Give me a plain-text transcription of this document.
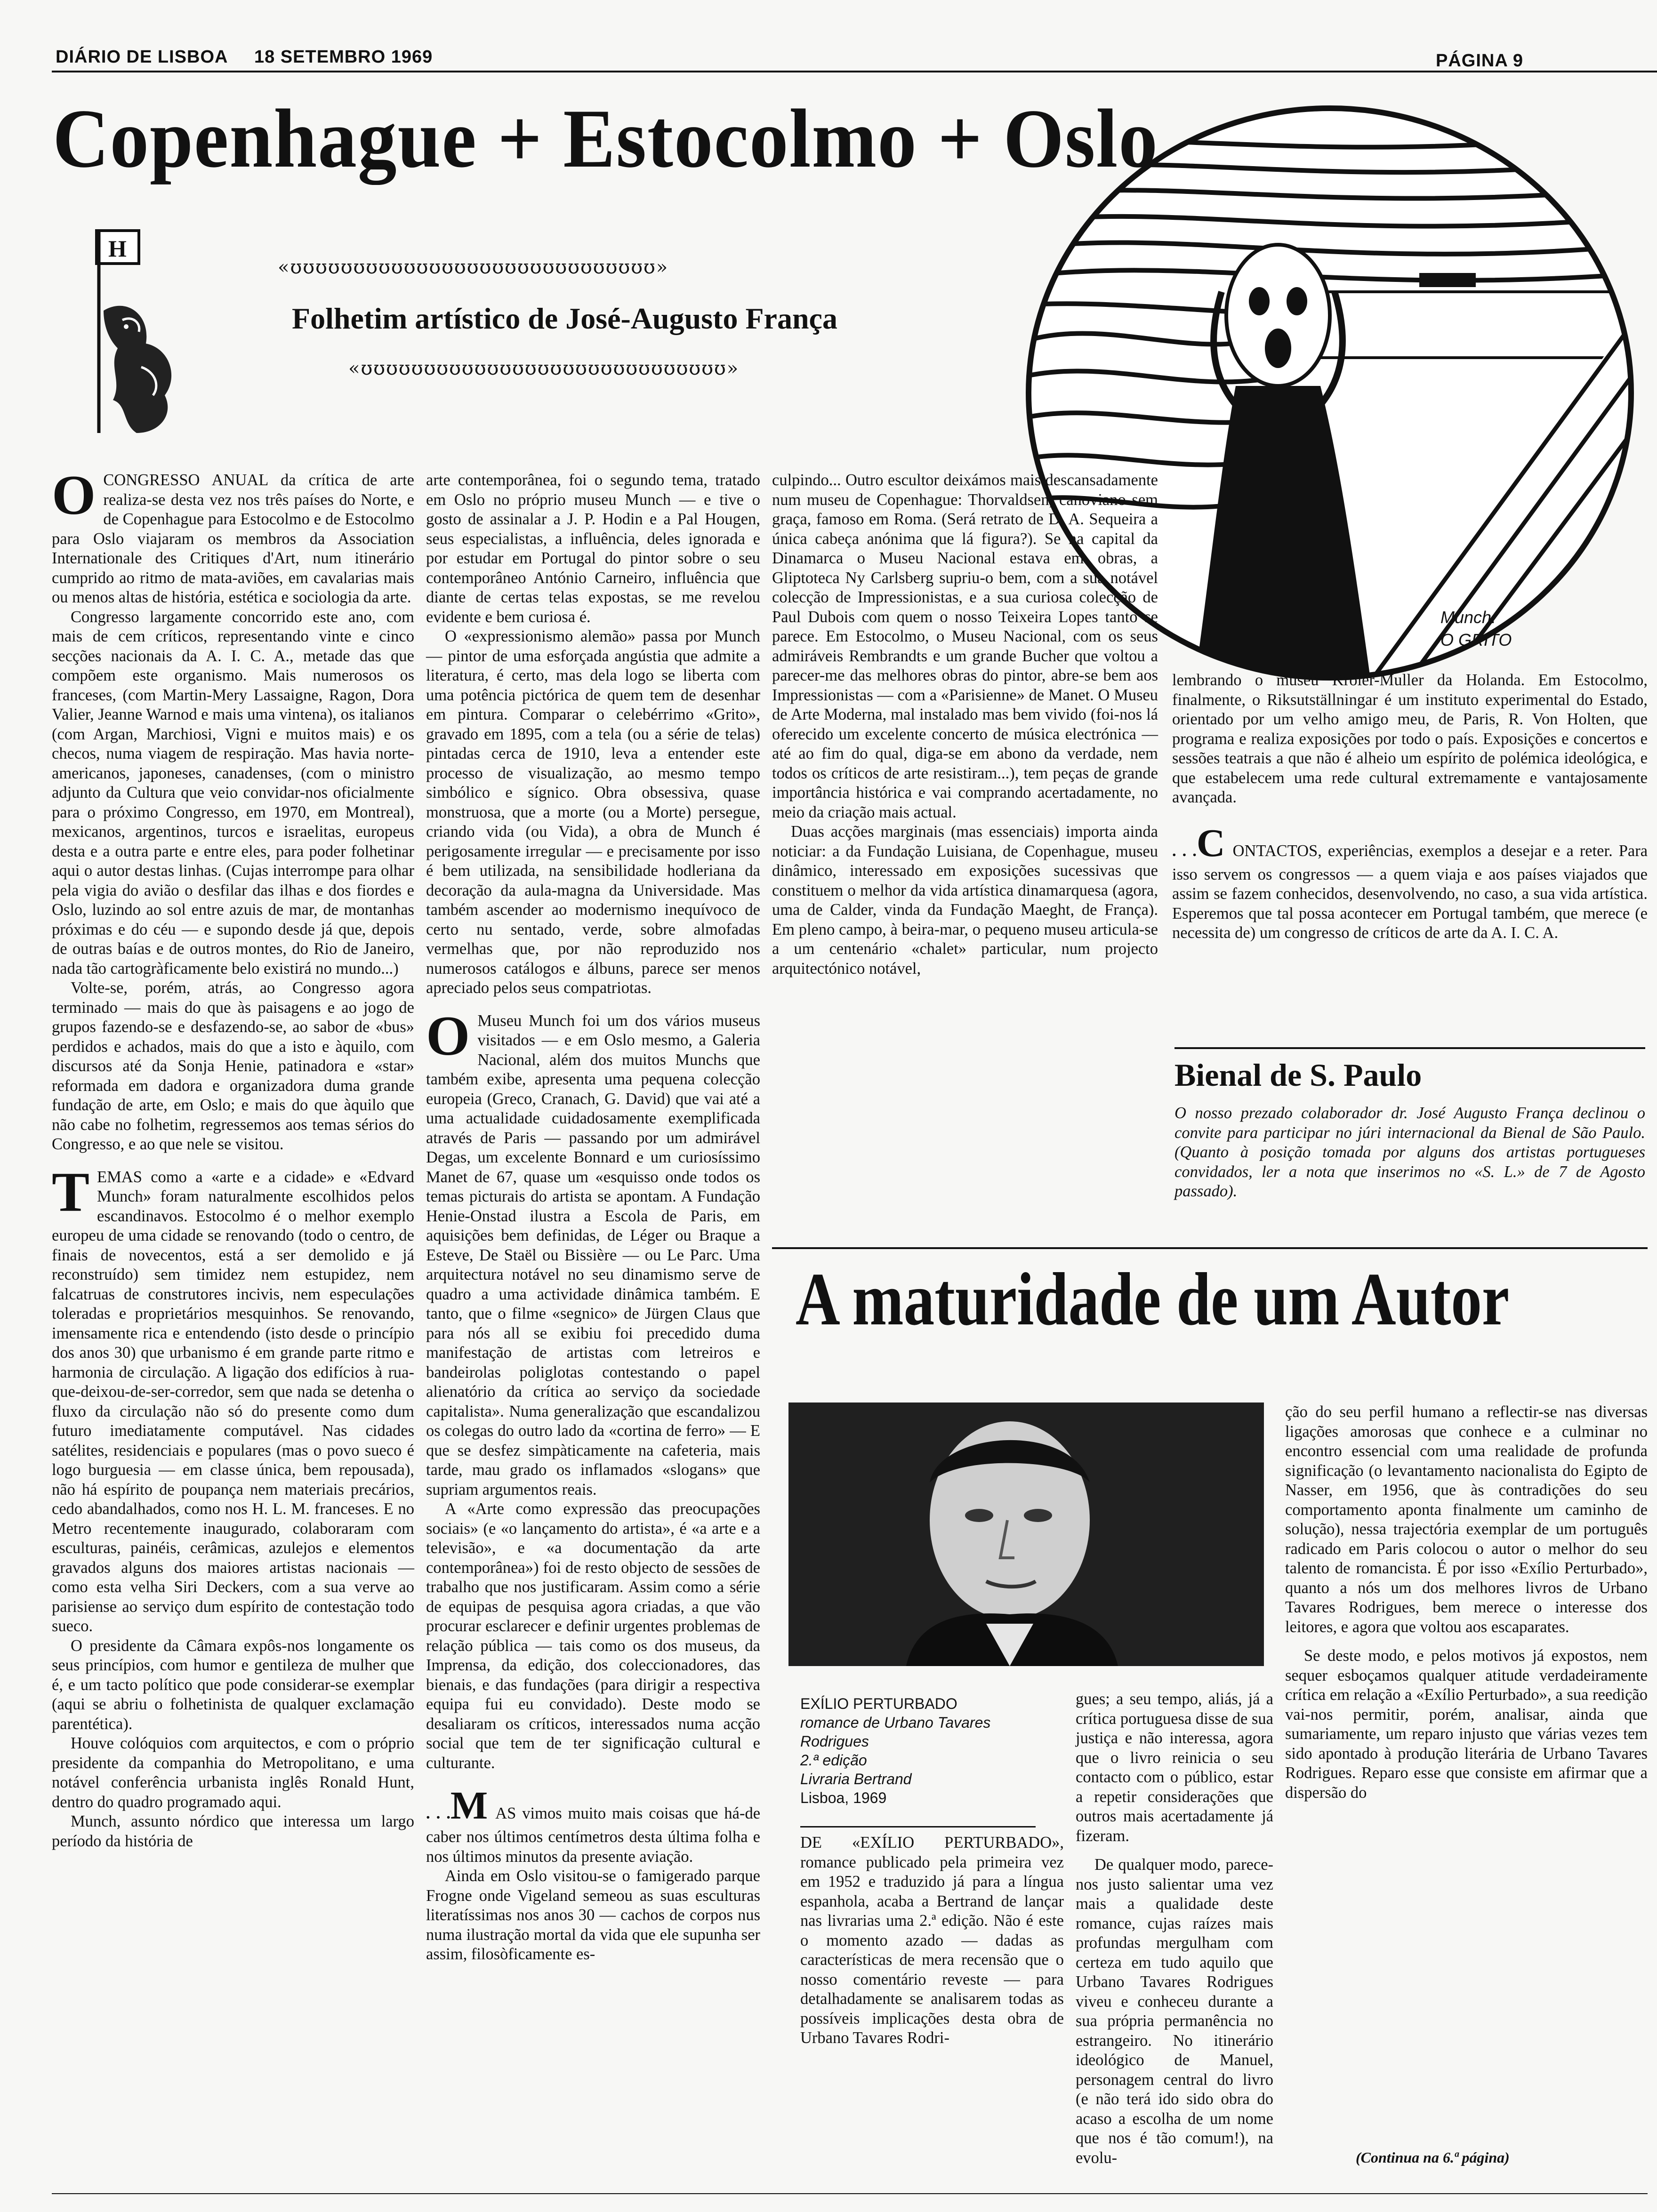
DIÁRIO DE LISBOA 18 SETEMBRO 1969	PÁGINA 9
Copenhague + Estocolmo + Oslo
H
«ʊʊʊʊʊʊʊʊʊʊʊʊʊʊʊʊʊʊʊʊʊʊʊʊʊʊʊʊʊ»
Folhetim artístico de José-Augusto França
«ʊʊʊʊʊʊʊʊʊʊʊʊʊʊʊʊʊʊʊʊʊʊʊʊʊʊʊʊʊ»
Munch:
O GRITO

OCONGRESSO ANUAL da crítica de arte realiza-se desta vez nos três países do Norte, e de Copenhague para Estocolmo e de Estocolmo para Oslo viajaram os membros da Association Internationale des Critiques d'Art, num itinerário cumprido ao ritmo de mata-aviões, em cavalarias mais ou menos altas de história, estética e sociologia da arte.

Congresso largamente concorrido este ano, com mais de cem críticos, representando vinte e cinco secções nacionais da A. I. C. A., metade das que compõem este organismo. Mais numerosos os franceses, (com Martin-Mery Lassaigne, Ragon, Dora Valier, Jeanne Warnod e mais uma vintena), os italianos (com Argan, Marchiosi, Vigni e muitos mais) e os checos, numa viagem de respiração. Mas havia norte-americanos, japoneses, canadenses, (com o ministro adjunto da Cultura que veio convidar-nos oficialmente para o próximo Congresso, em 1970, em Montreal), mexicanos, argentinos, turcos e israelitas, europeus desta e a outra parte e entre eles, para poder folhetinar aqui o autor destas linhas. (Cujas interrompe para olhar pela vigia do avião o desfilar das ilhas e dos fiordes e Oslo, luzindo ao sol entre azuis de mar, de montanhas próximas e do céu — e supondo desde já que, depois de outras baías e de outros montes, do Rio de Janeiro, nada tão cartogràficamente belo existirá no mundo...)

Volte-se, porém, atrás, ao Congresso agora terminado — mais do que às paisagens e ao jogo de grupos fazendo-se e desfazendo-se, ao sabor de «bus» perdidos e achados, mais do que a isto e àquilo, com discursos até da Sonja Henie, patinadora e «star» reformada em dadora e organizadora duma grande fundação de arte, em Oslo; e mais do que àquilo que não cabe no folhetim, regressemos aos temas sérios do Congresso, e ao que nele se visitou.

TEMAS como a «arte e a cidade» e «Edvard Munch» foram naturalmente escolhidos pelos escandinavos. Estocolmo é o melhor exemplo europeu de uma cidade se renovando (todo o centro, de finais de novecentos, está a ser demolido e já reconstruído) sem timidez nem estupidez, nem falcatruas de construtores incivis, nem especulações toleradas e proprietários mesquinhos. Se renovando, imensamente rica e entendendo (isto desde o princípio dos anos 30) que urbanismo é em grande parte ritmo e harmonia de circulação. A ligação dos edifícios à rua-que-deixou-de-ser-corredor, sem que nada se detenha o fluxo da circulação não só do presente como dum futuro imediatamente computável. Nas cidades satélites, residenciais e populares (mas o povo sueco é logo burguesia — em classe única, bem repousada), não há espírito de poupança nem materiais precários, cedo abandalhados, como nos H. L. M. franceses. E no Metro recentemente inaugurado, colaboraram com esculturas, painéis, cerâmicas, azulejos e elementos gravados alguns dos maiores artistas nacionais — como esta velha Siri Deckers, com a sua verve ao parisiense ao serviço dum espírito de contestação todo sueco.

O presidente da Câmara expôs-nos longamente os seus princípios, com humor e gentileza de mulher que é, e um tacto político que pode considerar-se exemplar (aqui se abriu o folhetinista de qualquer exclamação parentética).

Houve colóquios com arquitectos, e com o próprio presidente da companhia do Metropolitano, e uma notável conferência urbanista inglês Ronald Hunt, dentro do quadro programado aqui.

Munch, assunto nórdico que interessa um largo período da história de

arte contemporânea, foi o segundo tema, tratado em Oslo no próprio museu Munch — e tive o gosto de assinalar a J. P. Hodin e a Pal Hougen, seus especialistas, a influência, deles ignorada e por estudar em Portugal do pintor sobre o seu contemporâneo António Carneiro, influência que diante de certas telas expostas, se me revelou evidente e bem curiosa é.

O «expressionismo alemão» passa por Munch — pintor de uma esforçada angústia que admite a literatura, é certo, mas dela logo se liberta com uma potência pictórica de quem tem de desenhar em pintura. Comparar o celebérrimo «Grito», gravado em 1895, com a tela (ou a série de telas) pintadas cerca de 1910, leva a entender este processo de visualização, ao mesmo tempo simbólico e sígnico. Obra obsessiva, quase monstruosa, que a morte (ou a Morte) persegue, criando vida (ou Vida), a obra de Munch é perigosamente irregular — e precisamente por isso é bem utilizada, na sensibilidade hodleriana da decoração da aula-magna da Universidade. Mas também ascender ao modernismo inequívoco de certo nu sentado, verde, sobre almofadas vermelhas que, por não reproduzido nos numerosos catálogos e álbuns, parece ser menos apreciado pelos seus compatriotas.

O Museu Munch foi um dos vários museus visitados — e em Oslo mesmo, a Galeria Nacional, além dos muitos Munchs que também exibe, apresenta uma pequena colecção europeia (Greco, Cranach, G. David) que vai até a uma actualidade cuidadosamente exemplificada através de Paris — passando por um admirável Degas, um excelente Bonnard e um curiosíssimo Manet de 67, quase um «esquisso onde todos os temas picturais do artista se apontam. A Fundação Henie-Onstad ilustra a Escola de Paris, em aquisições bem definidas, de Léger ou Braque a Esteve, De Staël ou Bissière — ou Le Parc. Uma arquitectura notável no seu dinamismo serve de quadro a uma actividade dinâmica também. E tanto, que o filme «segnico» de Jürgen Claus que para nós all se exibiu foi precedido duma manifestação de artistas com letreiros e bandeirolas poliglotas contestando o papel alienatório da crítica ao serviço da sociedade capitalista». Numa generalização que escandalizou os colegas do outro lado da «cortina de ferro» — E que se desfez simpàticamente na cafeteria, mais tarde, mau grado os inflamados «slogans» que supriam argumentos reais.

A «Arte como expressão das preocupações sociais» (e «o lançamento do artista», é «a arte e a televisão», e «a documentação da arte contemporânea») foi de resto objecto de sessões de trabalho que nos justificaram. Assim como a série de equipas de pesquisa agora criadas, a que vão procurar esclarecer e definir urgentes problemas de relação pública — tais como os dos museus, da Imprensa, da edição, dos coleccionadores, das bienais, e das fundações (para dirigir a respectiva equipa fui eu convidado). Deste modo se desaliaram os críticos, interessados numa acção social que tem de ter significação cultural e culturante.

. . .M AS vimos muito mais coisas que há-de caber nos últimos centímetros desta última folha e nos últimos minutos da presente aviação.

Ainda em Oslo visitou-se o famigerado parque Frogne onde Vigeland semeou as suas esculturas literatíssimas nos anos 30 — cachos de corpos nus numa ilustração mortal da vida que ele supunha ser assim, filosòficamente es-

culpindo... Outro escultor deixámos mais descansadamente num museu de Copenhague: Thorvaldsen, canoviano sem graça, famoso em Roma. (Será retrato de D. A. Sequeira a única cabeça anónima que lá figura?). Se na capital da Dinamarca o Museu Nacional estava em obras, a Gliptoteca Ny Carlsberg supriu-o bem, com a sua notável colecção de Impressionistas, e a sua curiosa colecção de Paul Dubois com quem o nosso Teixeira Lopes tanto se parece. Em Estocolmo, o Museu Nacional, com os seus admiráveis Rembrandts e um grande Bucher que voltou a parecer-me das melhores obras do pintor, abre-se bem aos Impressionistas — com a «Parisienne» de Manet. O Museu de Arte Moderna, mal instalado mas bem vivido (foi-nos lá oferecido um excelente concerto de música electrónica — até ao fim do qual, diga-se em abono da verdade, nem todos os críticos de arte resistiram...), tem peças de grande importância histórica e vai comprando acertadamente, no meio da criação mais actual.

Duas acções marginais (mas essenciais) importa ainda noticiar: a da Fundação Luisiana, de Copenhague, museu dinâmico, interessado em exposições sucessivas que constituem o melhor da vida artística dinamarquesa (agora, uma de Calder, vinda da Fundação Maeght, de França). Em pleno campo, à beira-mar, o pequeno museu articula-se a um centenário «chalet» particular, num projecto arquitectónico notável,

lembrando o museu Kröler-Muller da Holanda. Em Estocolmo, finalmente, o Riksutställningar é um instituto experimental do Estado, orientado por um velho amigo meu, de Paris, R. Von Holten, que programa e realiza exposições por todo o país. Exposições e concertos e sessões teatrais a que não é alheio um espírito de polémica ideológica, e que estabelecem uma rede cultural extremamente e vantajosamente avançada.

. . .C ONTACTOS, experiências, exemplos a desejar e a reter. Para isso servem os congressos — a quem viaja e aos países viajados que assim se fazem conhecidos, desenvolvendo, no caso, a sua vida artística. Esperemos que tal possa acontecer em Portugal também, que merece (e necessita de) um congresso de críticos de arte da A. I. C. A.

Bienal de S. Paulo
O nosso prezado colaborador dr. José Augusto França declinou o convite para participar no júri internacional da Bienal de São Paulo. (Quanto à posição tomada por alguns dos artistas portugueses convidados, ler a nota que inserimos no «S. L.» de 7 de Agosto passado).
A maturidade de um Autor
EXÍLIO PERTURBADO
romance de Urbano Tavares
Rodrigues
2.ª edição
Livraria Bertrand
Lisboa, 1969

DE «EXÍLIO PERTURBADO», romance publicado pela primeira vez em 1952 e traduzido já para a língua espanhola, acaba a Bertrand de lançar nas livrarias uma 2.ª edição. Não é este o momento azado — dadas as características de mera recensão que o nosso comentário reveste — para detalhadamente se analisarem todas as possíveis implicações desta obra de Urbano Tavares Rodri-

gues; a seu tempo, aliás, já a crítica portuguesa disse de sua justiça e não interessa, agora que o livro reinicia o seu contacto com o público, estar a repetir considerações que outros mais acertadamente já fizeram.

De qualquer modo, parece-nos justo salientar uma vez mais a qualidade deste romance, cujas raízes mais profundas mergulham com certeza em tudo aquilo que Urbano Tavares Rodrigues viveu e conheceu durante a sua própria permanência no estrangeiro. No itinerário ideológico de Manuel, personagem central do livro (e não terá ido sido obra do acaso a escolha de um nome que nos é tão comum!), na evolu-

ção do seu perfil humano a reflectir-se nas diversas ligações amorosas que conhece e a culminar no encontro essencial com uma realidade de profunda significação (o levantamento nacionalista do Egipto de Nasser, em 1956, que às contradições do seu comportamento aponta finalmente um caminho de solução), nessa trajectória exemplar de um português radicado em Paris colocou o autor o melhor do seu talento de romancista. É por isso «Exílio Perturbado», quanto a nós um dos melhores livros de Urbano Tavares Rodrigues, bem merece o interesse dos leitores, e agora que voltou aos escaparates.

Se deste modo, e pelos motivos já expostos, nem sequer esboçamos qualquer atitude verdadeiramente crítica em relação a «Exílio Perturbado», a sua reedição vai-nos permitir, porém, analisar, ainda que sumariamente, um reparo injusto que várias vezes tem sido apontado à produção literária de Urbano Tavares Rodrigues. Reparo esse que consiste em afirmar que a dispersão do

(Continua na 6.ª página)
